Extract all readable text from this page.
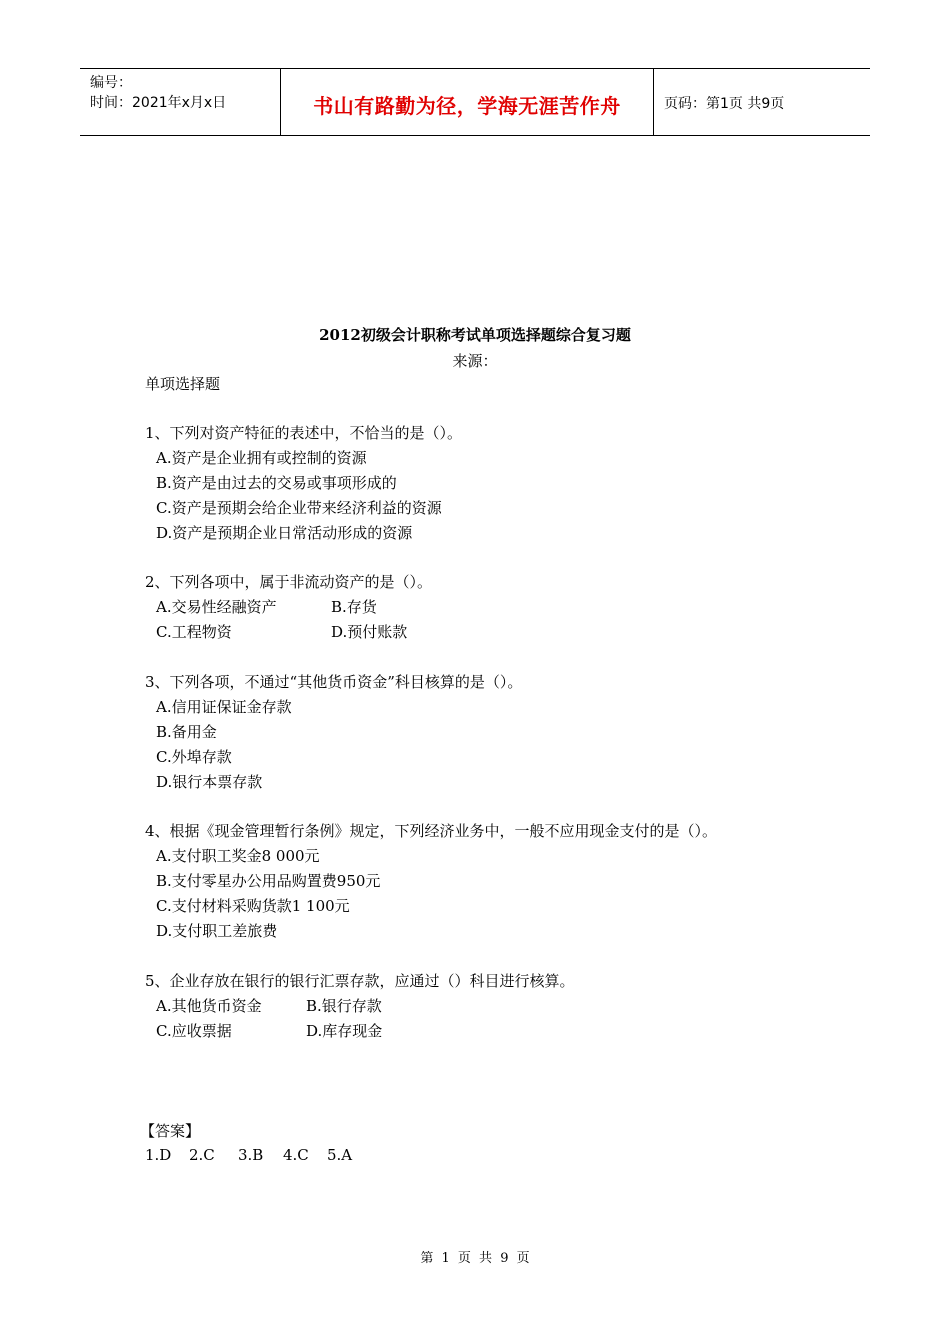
编号：
时间：2021年x月x日	书山有路勤为径，学海无涯苦作舟	页码：第1页 共9页
2012初级会计职称考试单项选择题综合复习题
来源：
单项选择题
1、下列对资产特征的表述中，不恰当的是（）。
A.资产是企业拥有或控制的资源
B.资产是由过去的交易或事项形成的
C.资产是预期会给企业带来经济利益的资源
D.资产是预期企业日常活动形成的资源
2、下列各项中，属于非流动资产的是（）。
A.交易性经融资产	B.存货
C.工程物资	D.预付账款
3、下列各项，不通过“其他货币资金”科目核算的是（）。
A.信用证保证金存款
B.备用金
C.外埠存款
D.银行本票存款
4、根据《现金管理暂行条例》规定，下列经济业务中，一般不应用现金支付的是（）。
A.支付职工奖金8 000元
B.支付零星办公用品购置费950元
C.支付材料采购货款1 100元
D.支付职工差旅费
5、企业存放在银行的银行汇票存款，应通过（）科目进行核算。
A.其他货币资金	B.银行存款
C.应收票据	D.库存现金
【答案】
1.D 2.C 3.B 4.C 5.A
第 1 页 共 9 页
